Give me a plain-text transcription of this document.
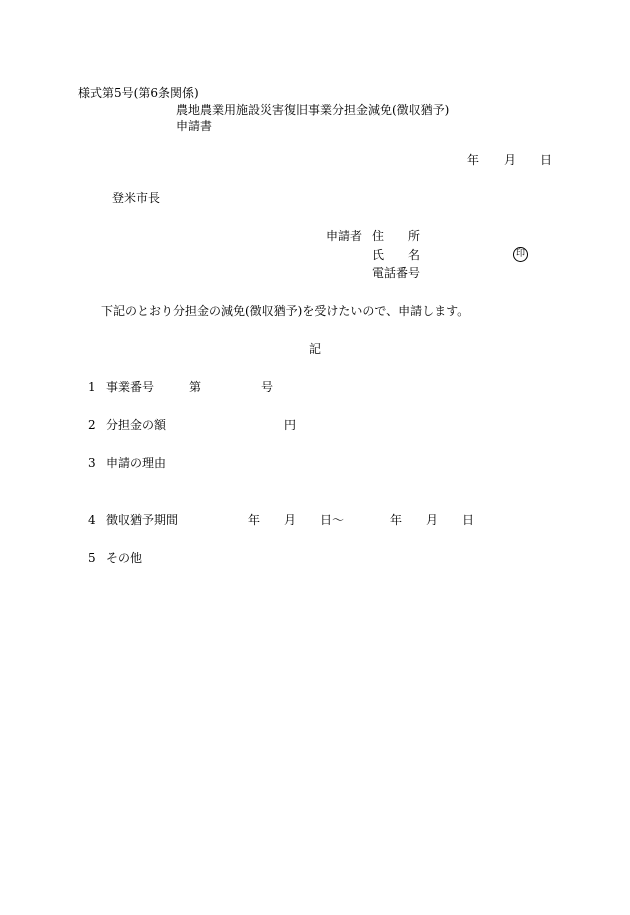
様式第5号(第6条関係)
農地農業用施設災害復旧事業分担金減免(徴収猶予)
申請書
年 月 日
登米市長
申請者 住　　所
氏　　名	印
電話番号
下記のとおり分担金の減免(徴収猶予)を受けたいので、申請します。
記
1 事業番号	第	号
2 分担金の額	円
3 申請の理由
4 徴収猶予期間	年 月 日～	年 月 日
5 その他
